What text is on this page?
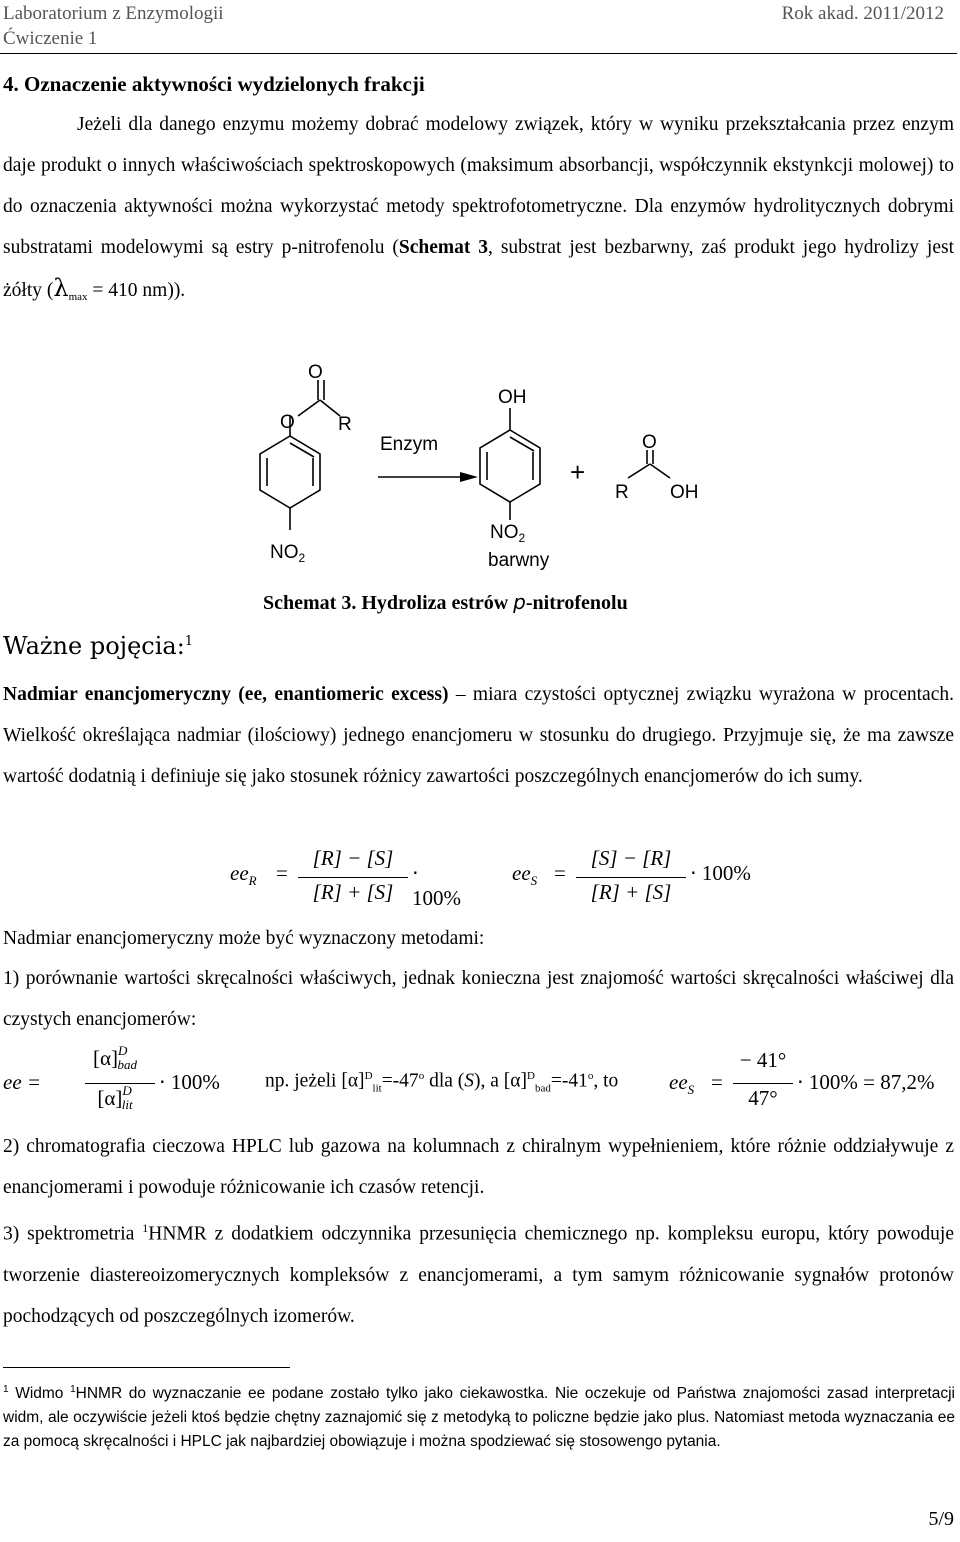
Laboratorium z Enzymologii	Rok akad. 2011/2012
Ćwiczenie 1
4. Oznaczenie aktywności wydzielonych frakcji
Jeżeli dla danego enzymu możemy dobrać modelowy związek, który w wyniku przekształcania przez enzym daje produkt o innych właściwościach spektroskopowych (maksimum absorbancji, współczynnik ekstynkcji molowej) to do oznaczenia aktywności można wykorzystać metody spektrofotometryczne. Dla enzymów hydrolitycznych dobrymi substratami modelowymi są estry p-nitrofenolu (Schemat 3, substrat jest bezbarwny, zaś produkt jego hydrolizy jest żółty ($\lambda_{max} = 410$ nm)).
O
O R
$NO_2$
Enzym
OH
$NO_2$
barwny
+
O
R OH
Schemat 3. Hydroliza estrów p-nitrofenolu
Ważne pojęcia:$^1$
Nadmiar enancjomeryczny (ee, enantiomeric excess) – miara czystości optycznej związku wyrażona w procentach. Wielkość określająca nadmiar (ilościowy) jednego enancjomeru w stosunku do drugiego. Przyjmuje się, że ma zawsze wartość dodatnią i definiuje się jako stosunek różnicy zawartości poszczególnych enancjomerów do ich sumy.
$ee_R$ =
[R] − [S]
[R] + [S]
⋅ 100%
$ee_S$ =
[S] − [R]
[R] + [S]
⋅ 100%
Nadmiar enancjomeryczny może być wyznaczony metodami:
1) porównanie wartości skręcalności właściwych, jednak konieczna jest znajomość wartości skręcalności właściwej dla czystych enancjomerów:
ee =
$[\alpha]^Dbad$
$[\alpha]^Dlit$
⋅ 100% np. jeżeli $[\alpha]^D_{lit}=-47^o$ dla (S), a $[\alpha]^D_{bad}=-41^o$, to $ee_S$ =
− 41°
47°
⋅ 100% = 87,2%
2) chromatografia cieczowa HPLC lub gazowa na kolumnach z chiralnym wypełnieniem, które różnie oddziaływuje z enancjomerami i powoduje różnicowanie ich czasów retencji.
3) spektrometria $^1$HNMR z dodatkiem odczynnika przesunięcia chemicznego np. kompleksu europu, który powoduje tworzenie diastereoizomerycznych kompleksów z enancjomerami, a tym samym różnicowanie sygnałów protonów pochodzących od poszczególnych izomerów.
$^1$ Widmo $^1$HNMR do wyznaczanie ee podane zostało tylko jako ciekawostka. Nie oczekuje od Państwa znajomości zasad interpretacji widm, ale oczywiście jeżeli ktoś będzie chętny zaznajomić się z metodyką to policzne będzie jako plus. Natomiast metoda wyznaczania ee za pomocą skręcalności i HPLC jak najbardziej obowiązuje i można spodziewać się stosowengo pytania.
5/9
